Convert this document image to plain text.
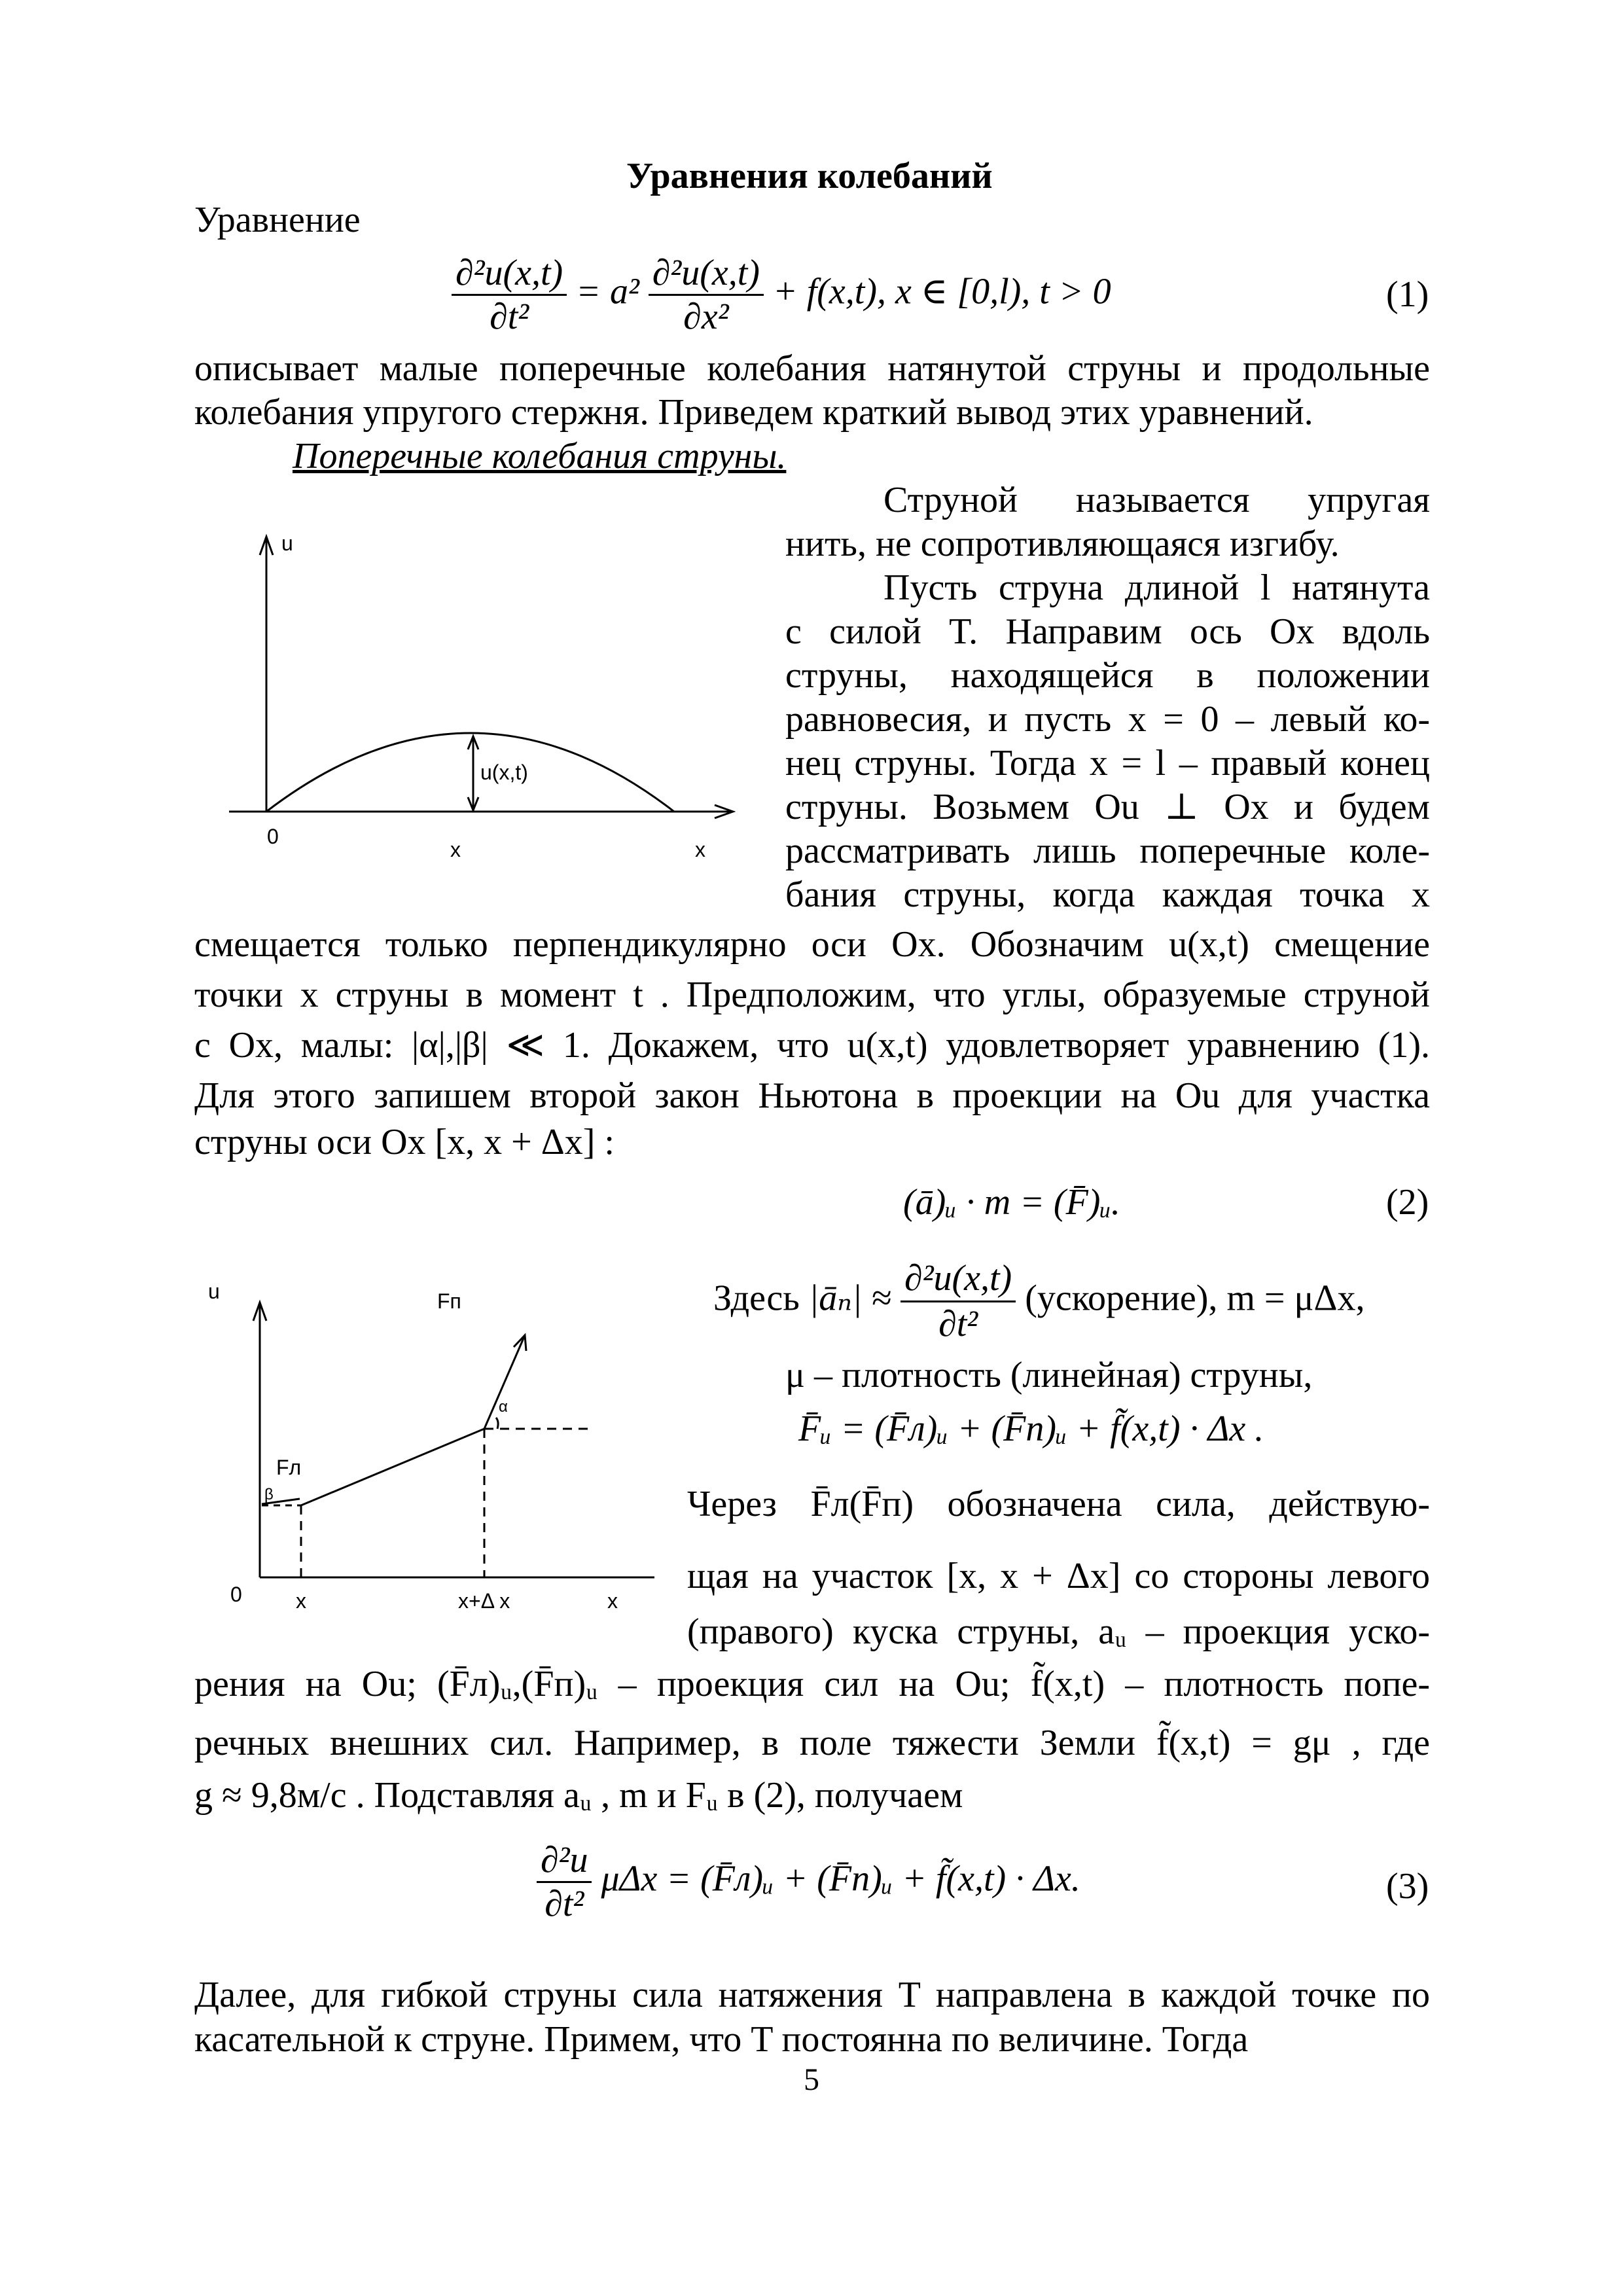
Уравнения колебаний
Уравнение
$\frac{\text{∂²u(x,t)}}{\text{∂t²}} = a^2 \frac{\text{∂²u(x,t)}}{\text{∂x²}} + f(x,t)$, x ∈ [0,l), t > 0	(1)
описывает малые поперечные колебания натянутой струны и продольные
колебания упругого стержня. Приведем краткий вывод этих уравнений.
Поперечные колебания струны.
Струной называется упругая
нить, не сопротивляющаяся изгибу.
Пусть струна длиной l натянута
с силой T. Направим ось Ox вдоль
струны, находящейся в положении
равновесия, и пусть x = 0 – левый ко-
нец струны. Тогда x = l – правый конец
струны. Возьмем Ou ⊥ Ox и будем
рассматривать лишь поперечные коле-
бания струны, когда каждая точка x
u
u(x,t)
0
x	x
смещается только перпендикулярно оси Ox. Обозначим u(x,t) смещение
точки x струны в момент t . Предположим, что углы, образуемые струной
с Ox, малы: |α|,|β| ≪ 1. Докажем, что u(x,t) удовлетворяет уравнению (1).
Для этого запишем второй закон Ньютона в проекции на Ou для участка
струны оси Ox [x, x + Δx] :
(ā)ᵤ · m = (F̄)ᵤ.	(2)
Здесь |āₙ| ≈ $\frac{\text{∂²u(x,t)}}{\text{∂t²}}$ (ускорение), m = μΔx,
μ – плотность (линейная) струны,
F̄ᵤ = (F̄л)ᵤ + (F̄п)ᵤ + f̃(x,t) · Δx .
Через F̄л(F̄п) обозначена сила, действую-
щая на участок [x, x + Δx] со стороны левого
(правого) куска струны, aᵤ – проекция уско-
u	Fп
Fл
α
β
0	x	x+Δ x	x
рения на Ou; (F̄л)ᵤ,(F̄п)ᵤ – проекция сил на Ou; f̃(x,t) – плотность попе-
речных внешних сил. Например, в поле тяжести Земли f̃(x,t) = gμ , где
g ≈ 9,8м/c . Подставляя aᵤ , m и Fᵤ в (2), получаем
$\frac{\text{∂²u}}{\text{∂t²}}$ μΔx = (F̄л)ᵤ + (F̄п)ᵤ + f̃(x,t) · Δx.	(3)
Далее, для гибкой струны сила натяжения T направлена в каждой точке по
касательной к струне. Примем, что T постоянна по величине. Тогда
5
